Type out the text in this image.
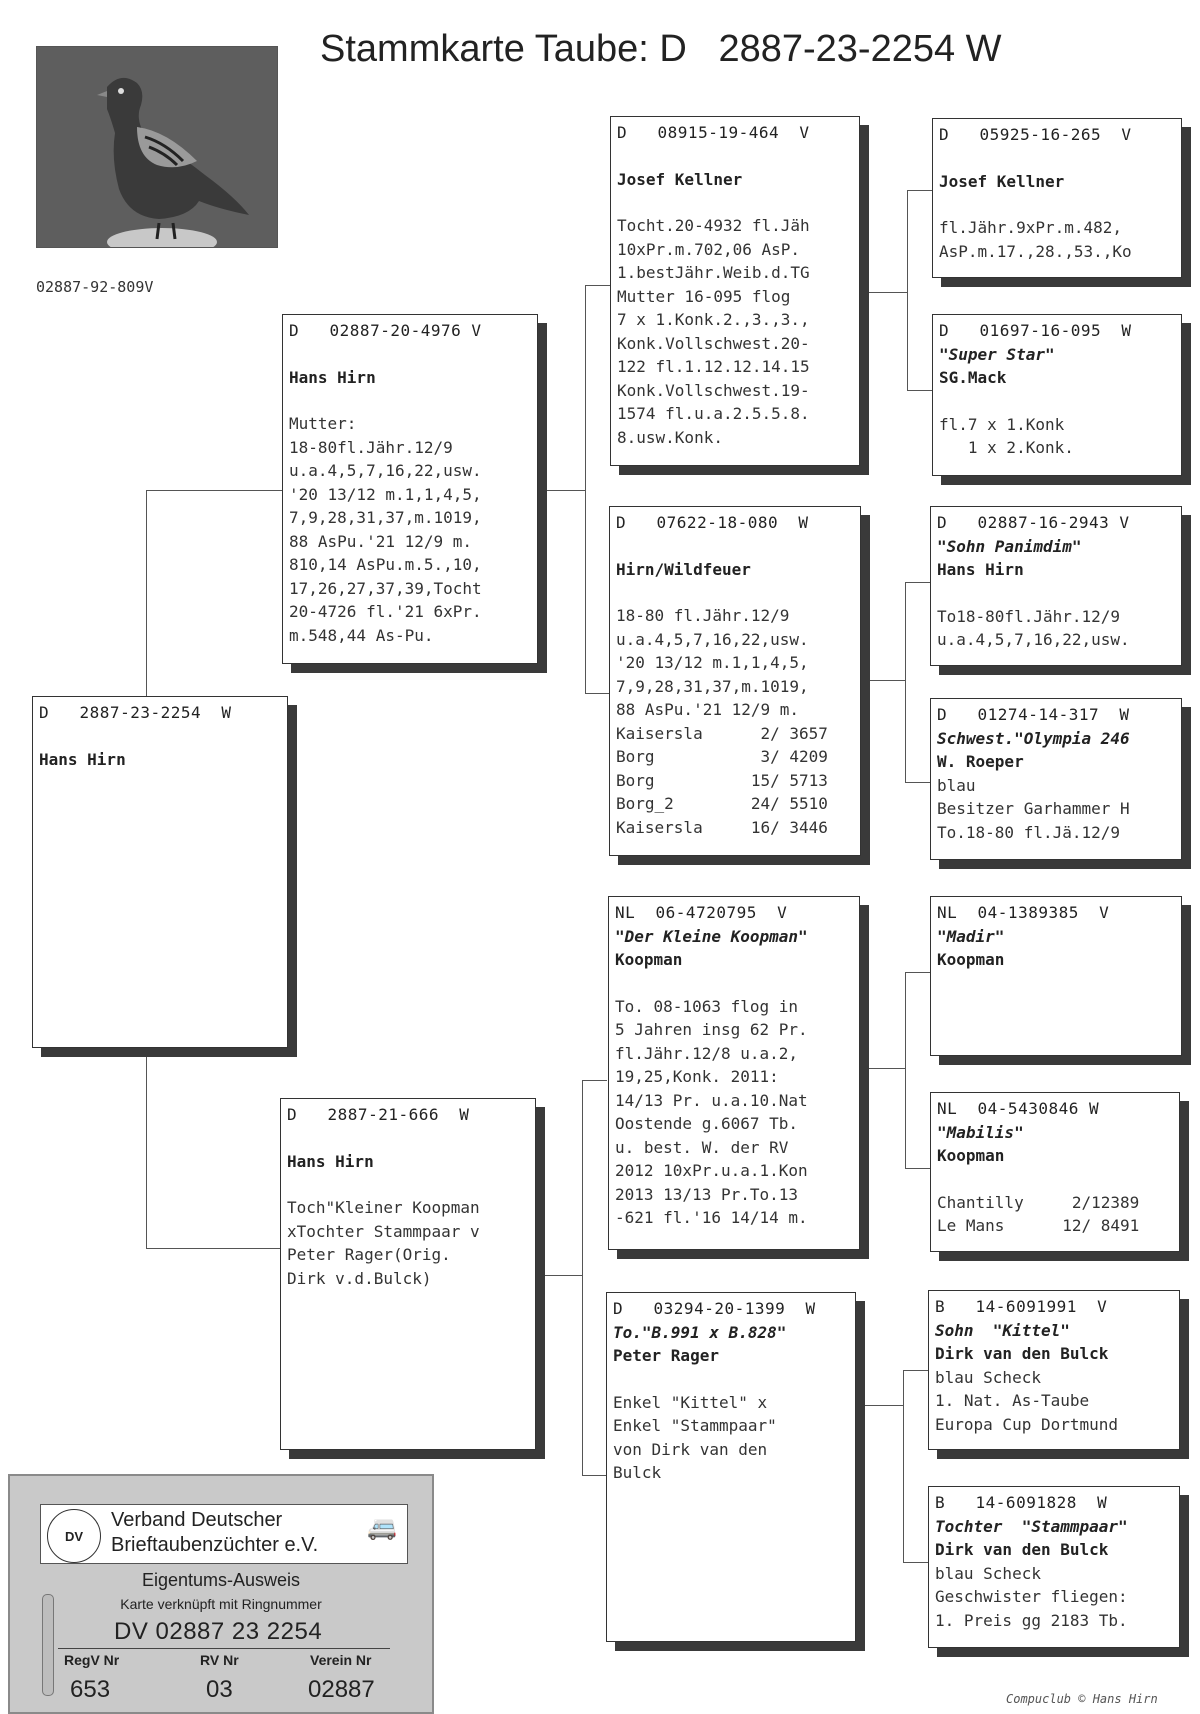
Stammkarte Taube: D   2887-23-2254 W
02887-92-809V
D   2887-23-2254  W
Hans Hirn
D   02887-20-4976 V
Hans Hirn
Mutter:
18-80fl.Jähr.12/9
u.a.4,5,7,16,22,usw.
'20 13/12 m.1,1,4,5,
7,9,28,31,37,m.1019,
88 AsPu.'21 12/9 m.
810,14 AsPu.m.5.,10,
17,26,27,37,39,Tocht
20-4726 fl.'21 6xPr.
m.548,44 As-Pu.
D   2887-21-666  W
Hans Hirn
Toch"Kleiner Koopman
xTochter Stammpaar v
Peter Rager(Orig.
Dirk v.d.Bulck)
D   08915-19-464  V
Josef Kellner
Tocht.20-4932 fl.Jäh
10xPr.m.702,06 AsP.
1.bestJähr.Weib.d.TG
Mutter 16-095 flog
7 x 1.Konk.2.,3.,3.,
Konk.Vollschwest.20-
122 fl.1.12.12.14.15
Konk.Vollschwest.19-
1574 fl.u.a.2.5.5.8.
8.usw.Konk.
D   07622-18-080  W
Hirn/Wildfeuer
18-80 fl.Jähr.12/9
u.a.4,5,7,16,22,usw.
'20 13/12 m.1,1,4,5,
7,9,28,31,37,m.1019,
88 AsPu.'21 12/9 m.
Kaisersla      2/ 3657
Borg           3/ 4209
Borg          15/ 5713
Borg_2        24/ 5510
Kaisersla     16/ 3446
NL  06-4720795  V
"Der Kleine Koopman"
Koopman
To. 08-1063 flog in
5 Jahren insg 62 Pr.
fl.Jähr.12/8 u.a.2,
19,25,Konk. 2011:
14/13 Pr. u.a.10.Nat
Oostende g.6067 Tb.
u. best. W. der RV
2012 10xPr.u.a.1.Kon
2013 13/13 Pr.To.13
-621 fl.'16 14/14 m.
D   03294-20-1399  W
To."B.991 x B.828"
Peter Rager
Enkel "Kittel" x
Enkel "Stammpaar"
von Dirk van den
Bulck
D   05925-16-265  V
Josef Kellner
fl.Jähr.9xPr.m.482,
AsP.m.17.,28.,53.,Ko
D   01697-16-095  W
"Super Star"
SG.Mack
fl.7 x 1.Konk
1 x 2.Konk.
D   02887-16-2943 V
"Sohn Panimdim"
Hans Hirn
To18-80fl.Jähr.12/9
u.a.4,5,7,16,22,usw.
D   01274-14-317  W
Schwest."Olympia 246
W. Roeper
blau
Besitzer Garhammer H
To.18-80 fl.Jä.12/9
NL  04-1389385  V
"Madir"
Koopman
NL  04-5430846 W
"Mabilis"
Koopman
Chantilly     2/12389
Le Mans      12/ 8491
B   14-6091991  V
Sohn  "Kittel"
Dirk van den Bulck
blau Scheck
1. Nat. As-Taube
Europa Cup Dortmund
B   14-6091828  W
Tochter  "Stammpaar"
Dirk van den Bulck
blau Scheck
Geschwister fliegen:
1. Preis gg 2183 Tb.
DV
Verband Deutscher
Brieftaubenzüchter e.V.
🚐
Eigentums-Ausweis
Karte verknüpft mit Ringnummer
DV 02887 23 2254
RegV Nr	RV Nr	Verein Nr
653	03	02887	Compuclub © Hans Hirn
